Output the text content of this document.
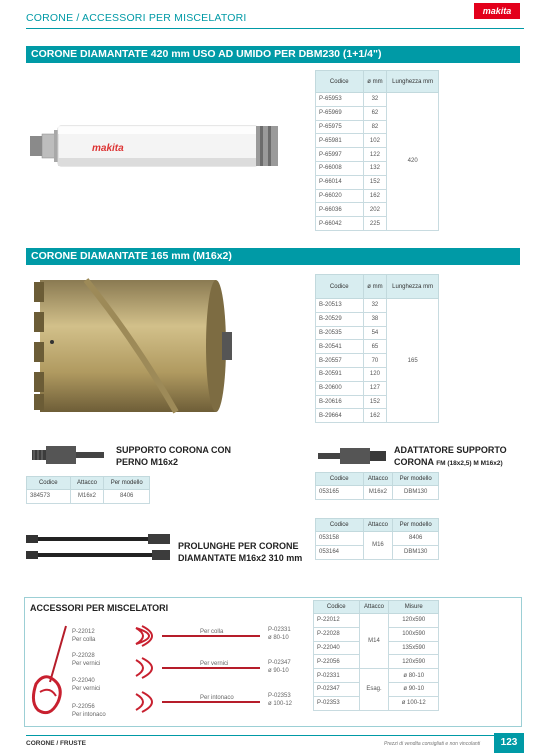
CORONE / ACCESSORI PER MISCELATORI
makita
CORONE DIAMANTATE 420 mm USO AD UMIDO PER DBM230 (1+1/4")
makita
Codice	ø mm	Lunghezza mm
P-65953	32	420
P-65969	62	
P-65975	82	
P-65981	102	
P-65997	122	
P-66008	132	
P-66014	152	
P-66020	162	
P-66036	202	
P-66042	225	
CORONE DIAMANTATE 165 mm (M16x2)
Codice	ø mm	Lunghezza mm
B-20513	32	165
B-20529	38	
B-20535	54	
B-20541	65	
B-20557	70	
B-20591	120	
B-20600	127	
B-20616	152	
B-29664	162	
SUPPORTO CORONA CON
PERNO M16x2
Codice	Attacco	Per modello
384573	M16x2	8406
ADATTATORE SUPPORTO
CORONA FM (18x2,5) M M16x2)
Codice	Attacco	Per modello
053165	M16x2	DBM130
PROLUNGHE PER CORONE
DIAMANTATE M16x2 310 mm
Codice	Attacco	Per modello
053158	M16	8406
053164		DBM130
ACCESSORI PER MISCELATORI
P-22012
Per colla
P-22028
Per vernici
P-22040
Per vernici
P-22056
Per intonaco
Per colla
Per vernici
Per intonaco
P-02331
ø 80-10
P-02347
ø 90-10
P-02353
ø 100-12
Codice	Attacco	Misure
P-22012	M14	120x590
P-22028		100x590
P-22040		135x590
P-22056		120x590
P-02331	Esag.	ø 80-10
P-02347		ø 90-10
P-02353		ø 100-12
CORONE / FRUSTE	Prezzi di vendita consigliati e non vincolanti	123
